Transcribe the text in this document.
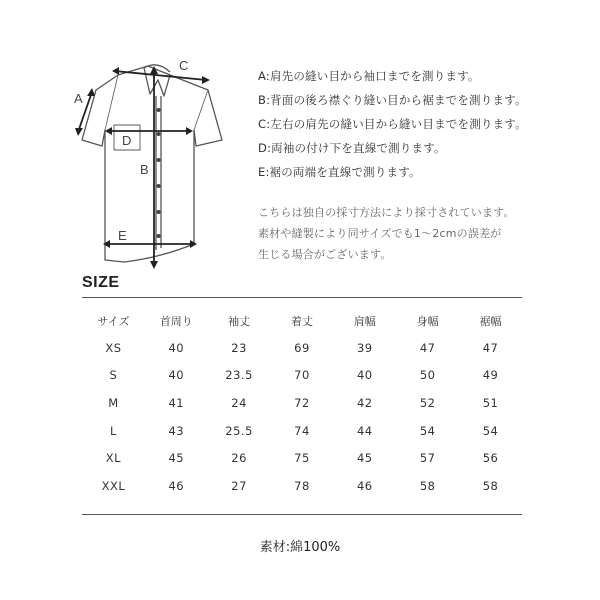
A
B
C
D
E
A:肩先の縫い目から袖口までを測ります。
B:背面の後ろ襟ぐり縫い目から裾までを測ります。
C:左右の肩先の縫い目から縫い目までを測ります。
D:両袖の付け下を直線で測ります。
E:裾の両端を直線で測ります。
こちらは独自の採寸方法により採寸されています。
素材や縫製により同サイズでも1〜2cmの誤差が
生じる場合がございます。
SIZE
サイズ	首周り	袖丈	着丈	肩幅	身幅	裾幅
XS	40	23	69	39	47	47
S	40	23.5	70	40	50	49
M	41	24	72	42	52	51
L	43	25.5	74	44	54	54
XL	45	26	75	45	57	56
XXL	46	27	78	46	58	58
素材:綿100%
